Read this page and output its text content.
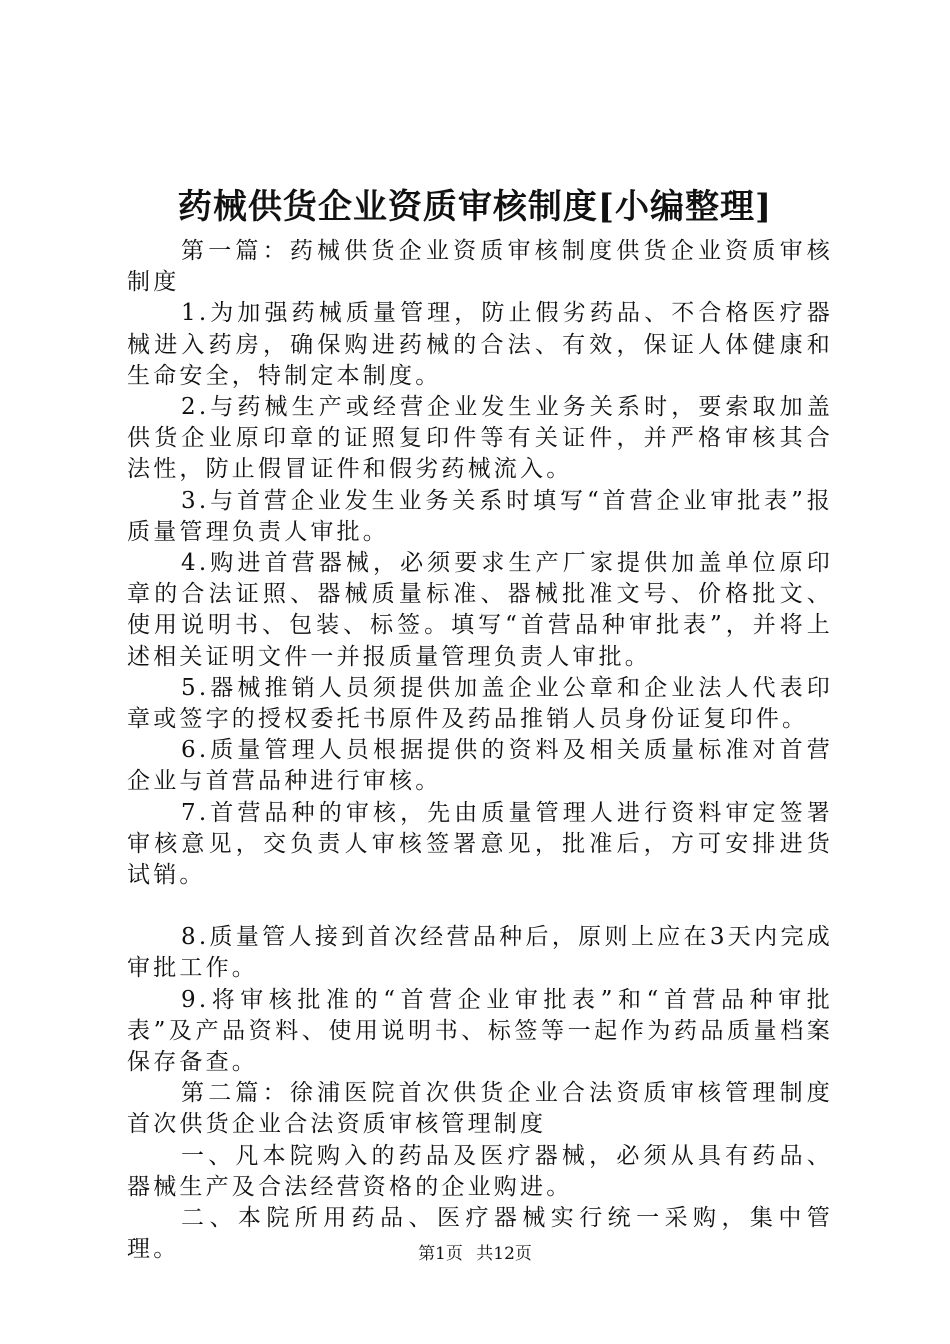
药械供货企业资质审核制度[小编整理]

第一篇：药械供货企业资质审核制度供货企业资质审核制度

1.为加强药械质量管理，防止假劣药品、不合格医疗器械进入药房，确保购进药械的合法、有效，保证人体健康和生命安全，特制定本制度。

2.与药械生产或经营企业发生业务关系时，要索取加盖供货企业原印章的证照复印件等有关证件，并严格审核其合法性，防止假冒证件和假劣药械流入。

3.与首营企业发生业务关系时填写“首营企业审批表”报质量管理负责人审批。

4.购进首营器械，必须要求生产厂家提供加盖单位原印章的合法证照、器械质量标准、器械批准文号、价格批文、使用说明书、包装、标签。填写“首营品种审批表”，并将上述相关证明文件一并报质量管理负责人审批。

5.器械推销人员须提供加盖企业公章和企业法人代表印章或签字的授权委托书原件及药品推销人员身份证复印件。

6.质量管理人员根据提供的资料及相关质量标准对首营企业与首营品种进行审核。

7.首营品种的审核，先由质量管理人进行资料审定签署审核意见，交负责人审核签署意见，批准后，方可安排进货试销。

8.质量管人接到首次经营品种后，原则上应在3天内完成审批工作。

9.将审核批准的“首营企业审批表”和“首营品种审批表”及产品资料、使用说明书、标签等一起作为药品质量档案保存备查。

第二篇：徐浦医院首次供货企业合法资质审核管理制度首次供货企业合法资质审核管理制度

一、凡本院购入的药品及医疗器械，必须从具有药品、器械生产及合法经营资格的企业购进。

二、本院所用药品、医疗器械实行统一采购，集中管理。	第1页 共12页
